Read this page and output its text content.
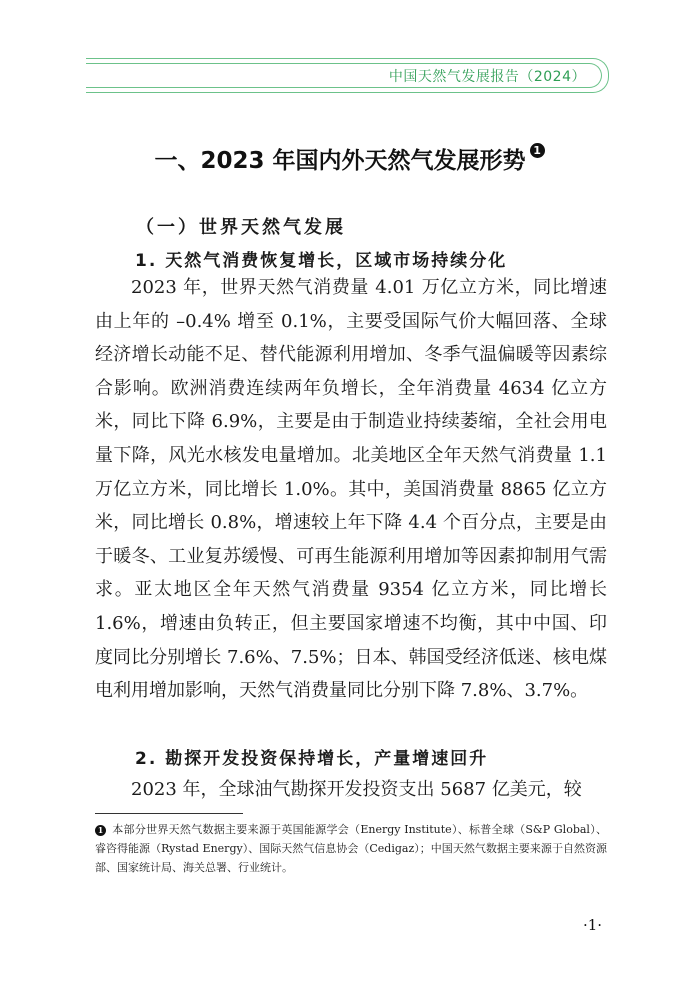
中国天然气发展报告（2024）
一、2023 年国内外天然气发展形势 1
（一）世界天然气发展
1. 天然气消费恢复增长，区域市场持续分化

2023 年，世界天然气消费量 4.01 万亿立方米，同比增速由上年的 –0.4% 增至 0.1%，主要受国际气价大幅回落、全球经济增长动能不足、替代能源利用增加、冬季气温偏暖等因素综合影响。欧洲消费连续两年负增长，全年消费量 4634 亿立方米，同比下降 6.9%，主要是由于制造业持续萎缩，全社会用电量下降，风光水核发电量增加。北美地区全年天然气消费量 1.1 万亿立方米，同比增长 1.0%。其中，美国消费量 8865 亿立方米，同比增长 0.8%，增速较上年下降 4.4 个百分点，主要是由于暖冬、工业复苏缓慢、可再生能源利用增加等因素抑制用气需求。亚太地区全年天然气消费量 9354 亿立方米，同比增长 1.6%，增速由负转正，但主要国家增速不均衡，其中中国、印度同比分别增长 7.6%、7.5%；日本、韩国受经济低迷、核电煤电利用增加影响，天然气消费量同比分别下降 7.8%、3.7%。

2. 勘探开发投资保持增长，产量增速回升

2023 年，全球油气勘探开发投资支出 5687 亿美元，较

1 本部分世界天然气数据主要来源于英国能源学会（Energy Institute）、标普全球（S&P Global）、睿咨得能源（Rystad Energy）、国际天然气信息协会（Cedigaz）；中国天然气数据主要来源于自然资源部、国家统计局、海关总署、行业统计。

·1·
